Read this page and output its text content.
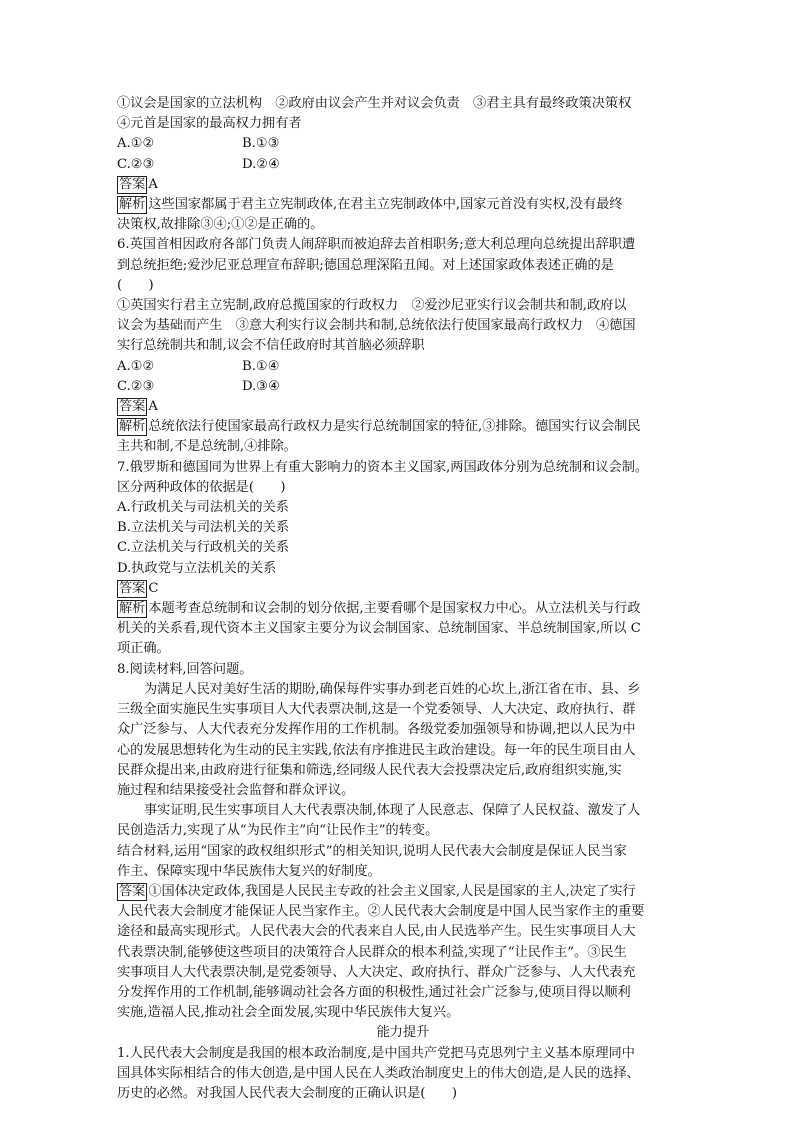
①议会是国家的立法机构　②政府由议会产生并对议会负责　③君主具有最终政策决策权
④元首是国家的最高权力拥有者
A.①②	B.①③
C.②③	D.②④
答案 A
解析 这些国家都属于君主立宪制政体,在君主立宪制政体中,国家元首没有实权,没有最终
决策权,故排除③④;①②是正确的。
6.英国首相因政府各部门负责人闹辞职而被迫辞去首相职务;意大利总理向总统提出辞职遭
到总统拒绝;爱沙尼亚总理宣布辞职;德国总理深陷丑闻。对上述国家政体表述正确的是
(　　)
①英国实行君主立宪制,政府总揽国家的行政权力　②爱沙尼亚实行议会制共和制,政府以
议会为基础而产生　③意大利实行议会制共和制,总统依法行使国家最高行政权力　④德国
实行总统制共和制,议会不信任政府时其首脑必须辞职
A.①②	B.①④
C.②③	D.③④
答案 A
解析 总统依法行使国家最高行政权力是实行总统制国家的特征,③排除。德国实行议会制民
主共和制,不是总统制,④排除。
7.俄罗斯和德国同为世界上有重大影响力的资本主义国家,两国政体分别为总统制和议会制。
区分两种政体的依据是(　　)
A.行政机关与司法机关的关系
B.立法机关与司法机关的关系
C.立法机关与行政机关的关系
D.执政党与立法机关的关系
答案 C
解析 本题考查总统制和议会制的划分依据,主要看哪个是国家权力中心。从立法机关与行政
机关的关系看,现代资本主义国家主要分为议会制国家、总统制国家、半总统制国家,所以 C
项正确。
8.阅读材料,回答问题。
为满足人民对美好生活的期盼,确保每件实事办到老百姓的心坎上,浙江省在市、县、乡
三级全面实施民生实事项目人大代表票决制,这是一个党委领导、人大决定、政府执行、群
众广泛参与、人大代表充分发挥作用的工作机制。各级党委加强领导和协调,把以人民为中
心的发展思想转化为生动的民主实践,依法有序推进民主政治建设。每一年的民生项目由人
民群众提出来,由政府进行征集和筛选,经同级人民代表大会投票决定后,政府组织实施,实
施过程和结果接受社会监督和群众评议。
事实证明,民生实事项目人大代表票决制,体现了人民意志、保障了人民权益、激发了人
民创造活力,实现了从“为民作主”向“让民作主”的转变。
结合材料,运用“国家的政权组织形式”的相关知识,说明人民代表大会制度是保证人民当家
作主、保障实现中华民族伟大复兴的好制度。
答案 ①国体决定政体,我国是人民民主专政的社会主义国家,人民是国家的主人,决定了实行
人民代表大会制度才能保证人民当家作主。②人民代表大会制度是中国人民当家作主的重要
途径和最高实现形式。人民代表大会的代表来自人民,由人民选举产生。民生实事项目人大
代表票决制,能够使这些项目的决策符合人民群众的根本利益,实现了“让民作主”。③民生
实事项目人大代表票决制,是党委领导、人大决定、政府执行、群众广泛参与、人大代表充
分发挥作用的工作机制,能够调动社会各方面的积极性,通过社会广泛参与,使项目得以顺利
实施,造福人民,推动社会全面发展,实现中华民族伟大复兴。
能力提升
1.人民代表大会制度是我国的根本政治制度,是中国共产党把马克思列宁主义基本原理同中
国具体实际相结合的伟大创造,是中国人民在人类政治制度史上的伟大创造,是人民的选择、
历史的必然。对我国人民代表大会制度的正确认识是(　　)
